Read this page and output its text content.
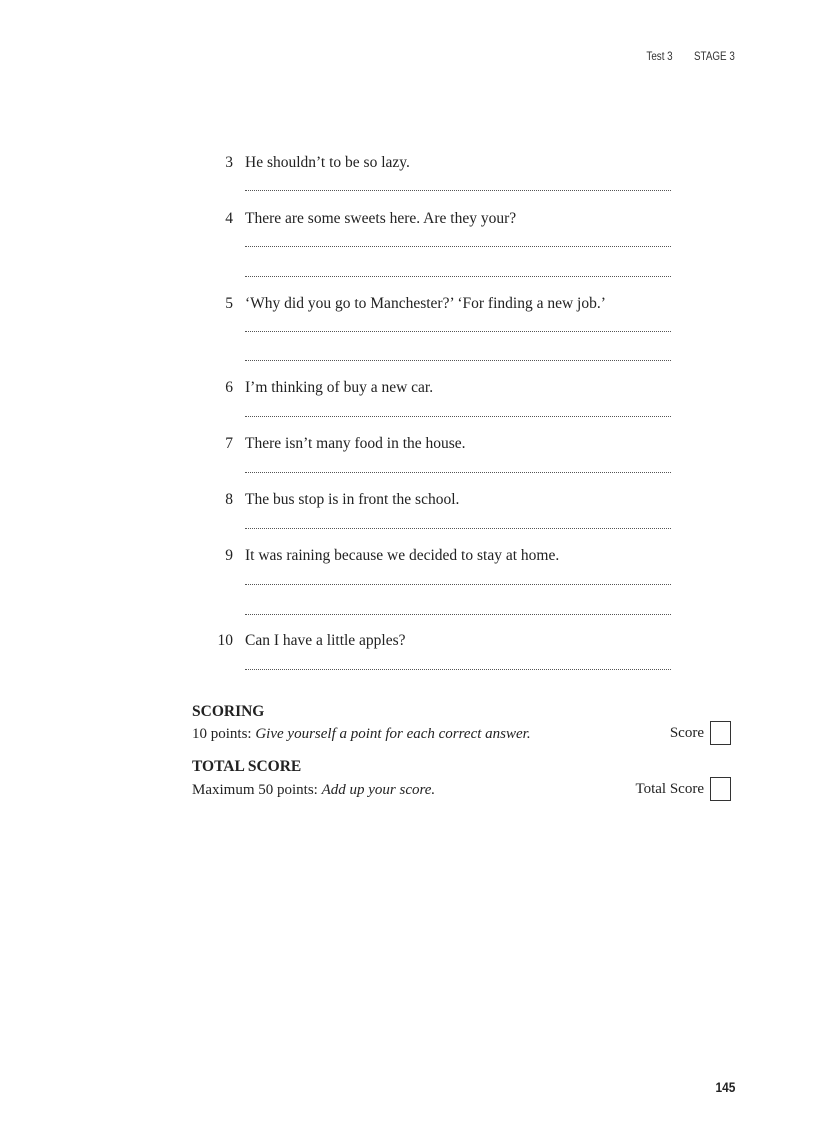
Test 3 STAGE 3
3 He shouldn’t to be so lazy.
4 There are some sweets here. Are they your?
5 ‘Why did you go to Manchester?’ ‘For finding a new job.’
6 I’m thinking of buy a new car.
7 There isn’t many food in the house.
8 The bus stop is in front the school.
9 It was raining because we decided to stay at home.
10 Can I have a little apples?
SCORING
10 points: Give yourself a point for each correct answer.	Score
TOTAL SCORE
Maximum 50 points: Add up your score.	Total Score
145
